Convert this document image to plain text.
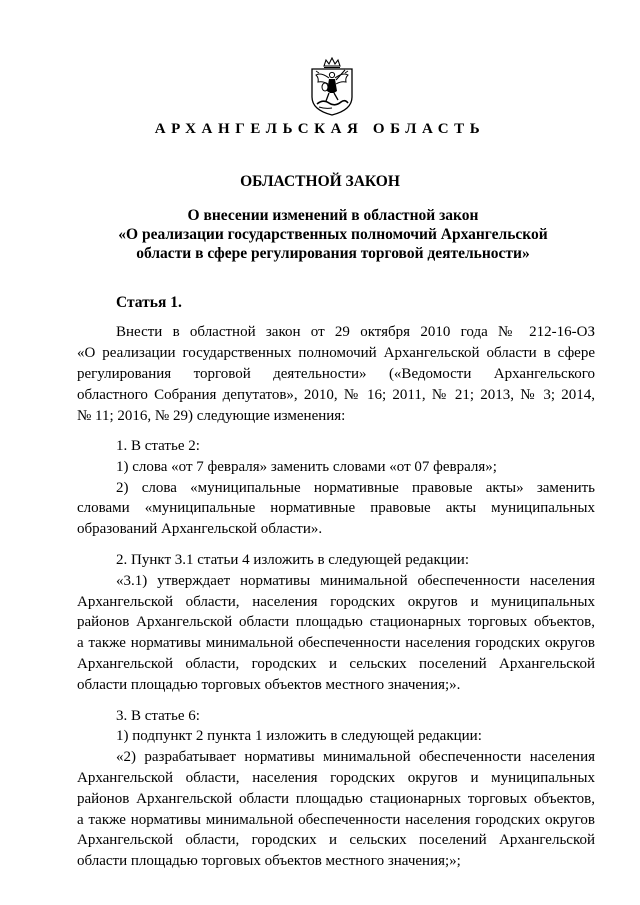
АРХАНГЕЛЬСКАЯ ОБЛАСТЬ
ОБЛАСТНОЙ ЗАКОН
О внесении изменений в областной закон
«О реализации государственных полномочий Архангельской
области в сфере регулирования торговой деятельности»
Статья 1.
Внести в областной закон от 29 октября 2010 года № 212-16-ОЗ
«О реализации государственных полномочий Архангельской области в сфере
регулирования торговой деятельности» («Ведомости Архангельского
областного Собрания депутатов», 2010, № 16; 2011, № 21; 2013, № 3; 2014,
№ 11; 2016, № 29) следующие изменения:
1. В статье 2:
1) слова «от 7 февраля» заменить словами «от 07 февраля»;
2) слова «муниципальные нормативные правовые акты» заменить
словами «муниципальные нормативные правовые акты муниципальных
образований Архангельской области».
2. Пункт 3.1 статьи 4 изложить в следующей редакции:
«3.1) утверждает нормативы минимальной обеспеченности населения
Архангельской области, населения городских округов и муниципальных
районов Архангельской области площадью стационарных торговых объектов,
а также нормативы минимальной обеспеченности населения городских округов
Архангельской области, городских и сельских поселений Архангельской
области площадью торговых объектов местного значения;».
3. В статье 6:
1) подпункт 2 пункта 1 изложить в следующей редакции:
«2) разрабатывает нормативы минимальной обеспеченности населения
Архангельской области, населения городских округов и муниципальных
районов Архангельской области площадью стационарных торговых объектов,
а также нормативы минимальной обеспеченности населения городских округов
Архангельской области, городских и сельских поселений Архангельской
области площадью торговых объектов местного значения;»;
